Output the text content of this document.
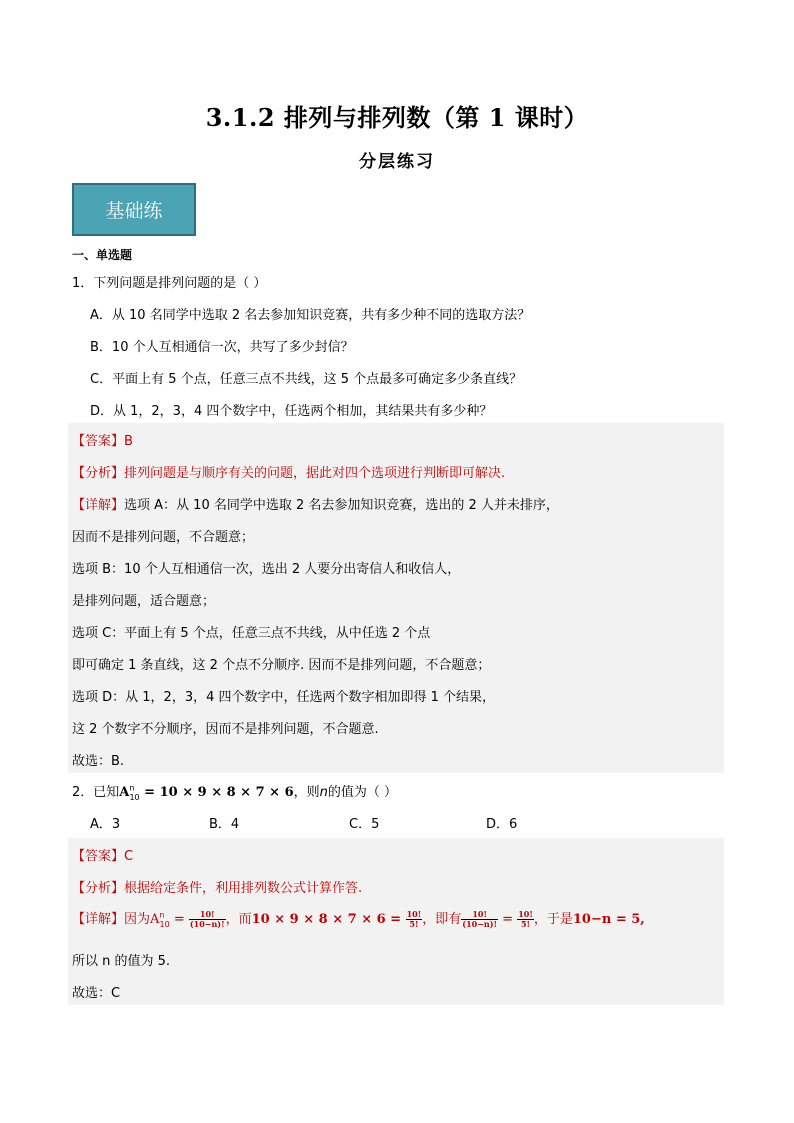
3.1.2 排列与排列数（第 1 课时）
分层练习
基础练
一、单选题
1．下列问题是排列问题的是（ ）
A．从 10 名同学中选取 2 名去参加知识竞赛，共有多少种不同的选取方法？
B．10 个人互相通信一次，共写了多少封信？
C．平面上有 5 个点，任意三点不共线，这 5 个点最多可确定多少条直线？
D．从 1，2，3，4 四个数字中，任选两个相加，其结果共有多少种？
【答案】B
【分析】排列问题是与顺序有关的问题，据此对四个选项进行判断即可解决.
【详解】选项 A：从 10 名同学中选取 2 名去参加知识竞赛，选出的 2 人并未排序，
因而不是排列问题，不合题意；
选项 B：10 个人互相通信一次，选出 2 人要分出寄信人和收信人，
是排列问题，适合题意；
选项 C：平面上有 5 个点，任意三点不共线，从中任选 2 个点
即可确定 1 条直线，这 2 个点不分顺序. 因而不是排列问题，不合题意；
选项 D：从 1，2，3，4 四个数字中，任选两个数字相加即得 1 个结果，
这 2 个数字不分顺序，因而不是排列问题，不合题意.
故选：B.
2．已知$A^n_{10} = 10 \times 9 \times 8 \times 7 \times 6$，则n的值为（ ）
A．3	B．4	C．5	D．6
【答案】C
【分析】根据给定条件，利用排列数公式计算作答.
【详解】因为$A^n_{10} = \frac{10!}{(10-n)!}$ ，而$10 \times 9 \times 8 \times 7 \times 6 = \frac{10!}{5!}$ ，即有 $\frac{10!}{(10-n)!} = \frac{10!}{5!}$ ，于是10−n = 5,
所以 n 的值为 5.
故选：C
